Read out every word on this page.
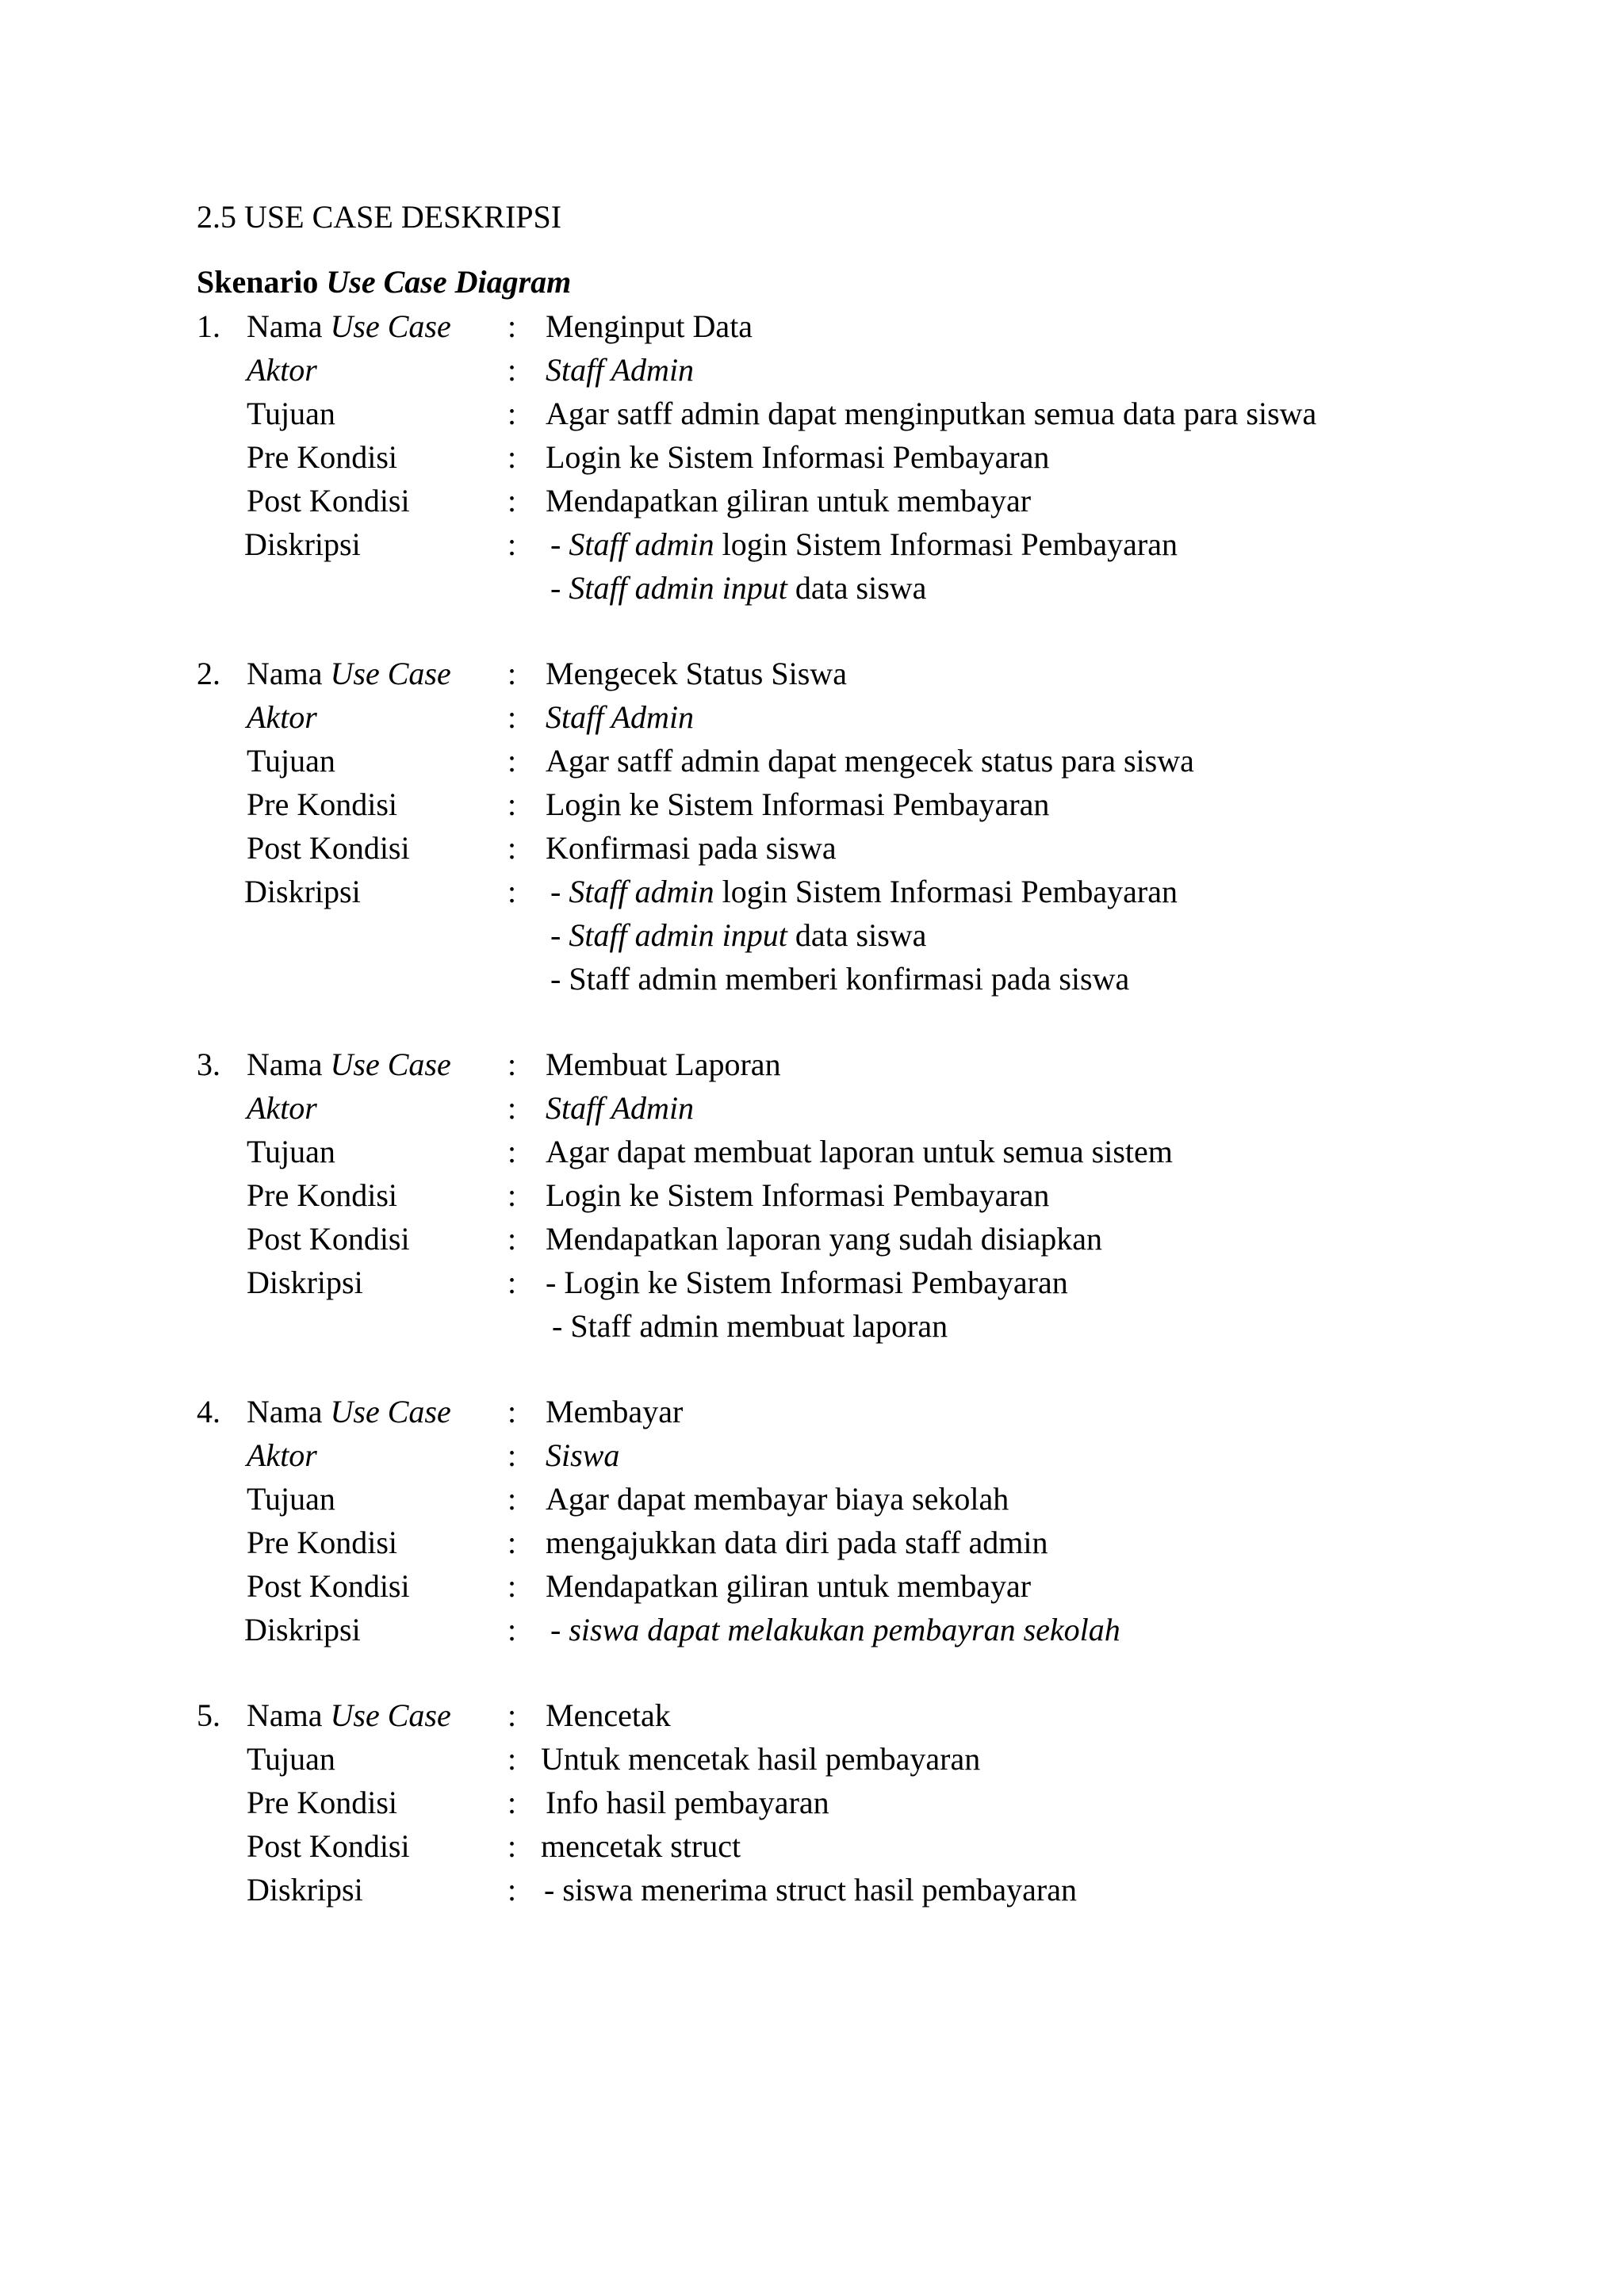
2.5 USE CASE DESKRIPSI
Skenario Use Case Diagram
1. Nama Use Case : Menginput Data
Aktor	: Staff Admin
Tujuan	: Agar satff admin dapat menginputkan semua data para siswa
Pre Kondisi	: Login ke Sistem Informasi Pembayaran
Post Kondisi	: Mendapatkan giliran untuk membayar
Diskripsi	: - Staff admin login Sistem Informasi Pembayaran
- Staff admin input data siswa
2. Nama Use Case : Mengecek Status Siswa
Aktor	: Staff Admin
Tujuan	: Agar satff admin dapat mengecek status para siswa
Pre Kondisi	: Login ke Sistem Informasi Pembayaran
Post Kondisi	: Konfirmasi pada siswa
Diskripsi	: - Staff admin login Sistem Informasi Pembayaran
- Staff admin input data siswa
- Staff admin memberi konfirmasi pada siswa
3. Nama Use Case : Membuat Laporan
Aktor	: Staff Admin
Tujuan	: Agar dapat membuat laporan untuk semua sistem
Pre Kondisi	: Login ke Sistem Informasi Pembayaran
Post Kondisi	: Mendapatkan laporan yang sudah disiapkan
Diskripsi	: - Login ke Sistem Informasi Pembayaran
- Staff admin membuat laporan
4. Nama Use Case : Membayar
Aktor	: Siswa
Tujuan	: Agar dapat membayar biaya sekolah
Pre Kondisi	: mengajukkan data diri pada staff admin
Post Kondisi	: Mendapatkan giliran untuk membayar
Diskripsi	: - siswa dapat melakukan pembayran sekolah
5. Nama Use Case : Mencetak
Tujuan	: Untuk mencetak hasil pembayaran
Pre Kondisi	: Info hasil pembayaran
Post Kondisi	: mencetak struct
Diskripsi	: - siswa menerima struct hasil pembayaran
